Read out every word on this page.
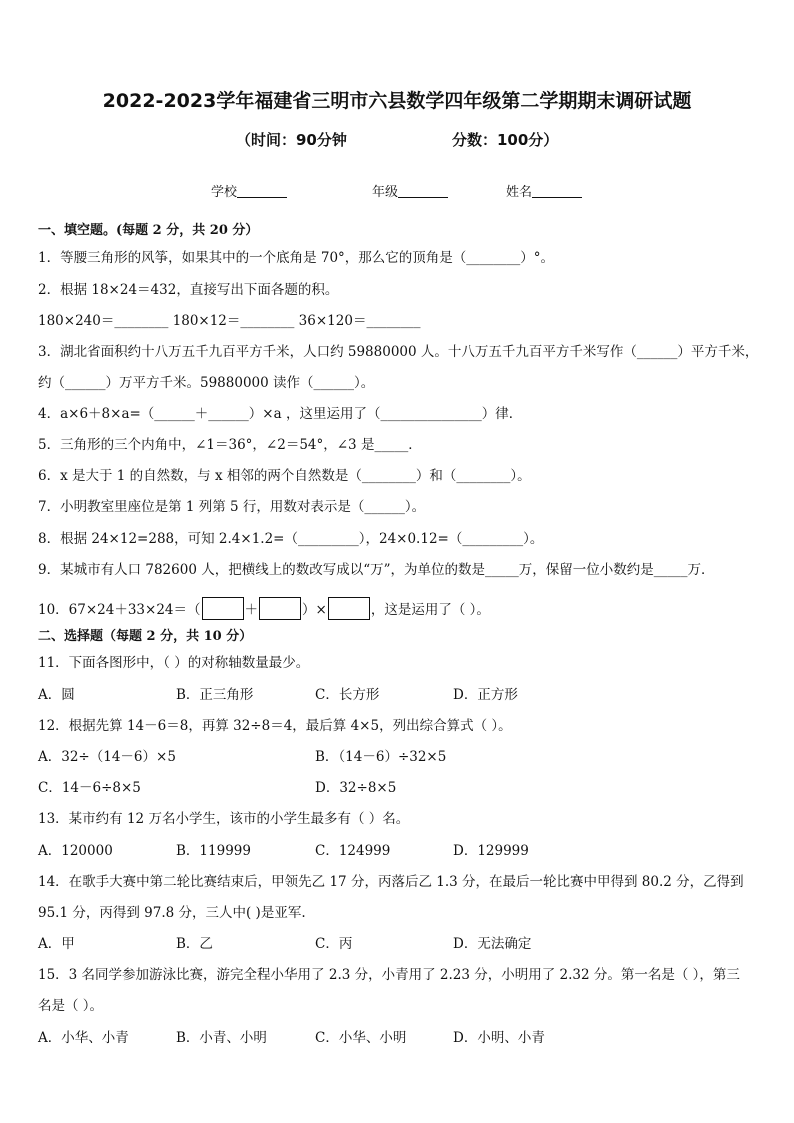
2022-2023学年福建省三明市六县数学四年级第二学期期末调研试题
（时间：90分钟	分数：100分）
学校	年级	姓名
一、填空题。(每题 2 分，共 20 分）
1．等腰三角形的风筝，如果其中的一个底角是 70°，那么它的顶角是（________）°。
2．根据 18×24＝432，直接写出下面各题的积。
180×240＝________ 180×12＝________ 36×120＝________
3．湖北省面积约十八万五千九百平方千米，人口约 59880000 人。十八万五千九百平方千米写作（______）平方千米，
约（______）万平方千米。59880000 读作（______）。
4．a×6＋8×a=（______＋______）×a ，这里运用了（_______________）律．
5．三角形的三个内角中，∠1＝36°，∠2＝54°，∠3 是_____．
6．x 是大于 1 的自然数，与 x 相邻的两个自然数是（________）和（________）。
7．小明教室里座位是第 1 列第 5 行，用数对表示是（______）。
8．根据 24×12=288，可知 2.4×1.2=（_________），24×0.12=（_________）。
9．某城市有人口 782600 人，把横线上的数改写成以“万”，为单位的数是_____万，保留一位小数约是_____万．
10．67×24＋33×24＝（	＋	）×	，这是运用了（ ）。
二、选择题（每题 2 分，共 10 分）
11．下面各图形中，（ ）的对称轴数量最少。
A．圆	B．正三角形	C．长方形	D．正方形
12．根据先算 14－6＝8，再算 32÷8＝4，最后算 4×5，列出综合算式（ ）。
A．32÷（14－6）×5	B．（14－6）÷32×5
C．14－6÷8×5	D．32÷8×5
13．某市约有 12 万名小学生，该市的小学生最多有（ ）名。
A．120000	B．119999	C．124999	D．129999
14．在歌手大赛中第二轮比赛结束后，甲领先乙 17 分，丙落后乙 1.3 分，在最后一轮比赛中甲得到 80.2 分，乙得到
95.1 分，丙得到 97.8 分，三人中( )是亚军.
A．甲	B．乙	C．丙	D．无法确定
15．3 名同学参加游泳比赛，游完全程小华用了 2.3 分，小青用了 2.23 分，小明用了 2.32 分。第一名是（ ），第三
名是（ ）。
A．小华、小青	B．小青、小明	C．小华、小明	D．小明、小青
